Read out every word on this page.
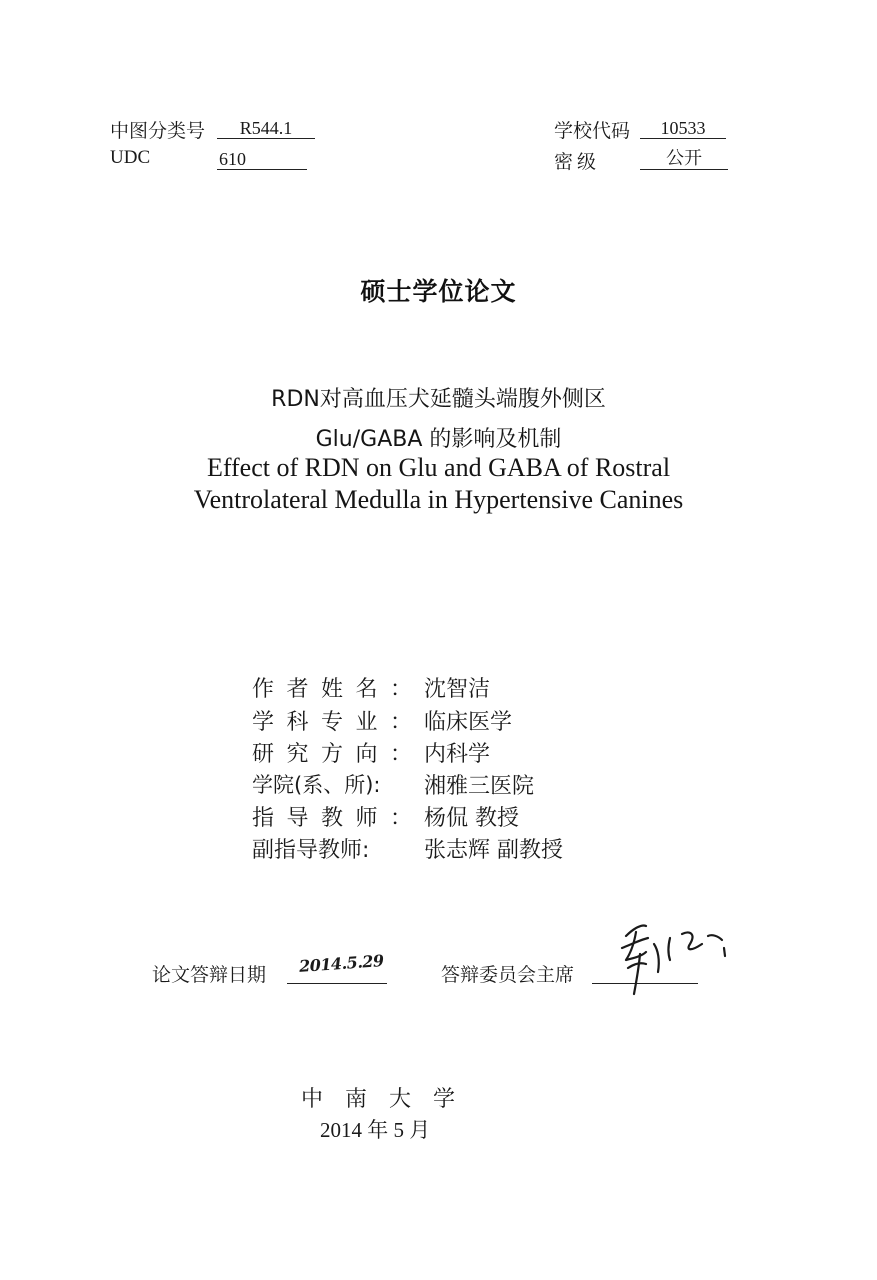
中图分类号	R544.1
UDC	610
学校代码	10533
密级	公开
硕士学位论文
RDN对高血压犬延髓头端腹外侧区
Glu/GABA 的影响及机制
Effect of RDN on Glu and GABA of Rostral
Ventrolateral Medulla in Hypertensive Canines
作 者 姓 名 ： 沈智洁
学 科 专 业 ： 临床医学
研 究 方 向 ： 内科学
学院(系、所):	湘雅三医院
指 导 教 师 ： 杨侃 教授
副指导教师:	张志辉 副教授
论文答辩日期 2014.5.29	答辩委员会主席
中南大学
2014 年 5 月
